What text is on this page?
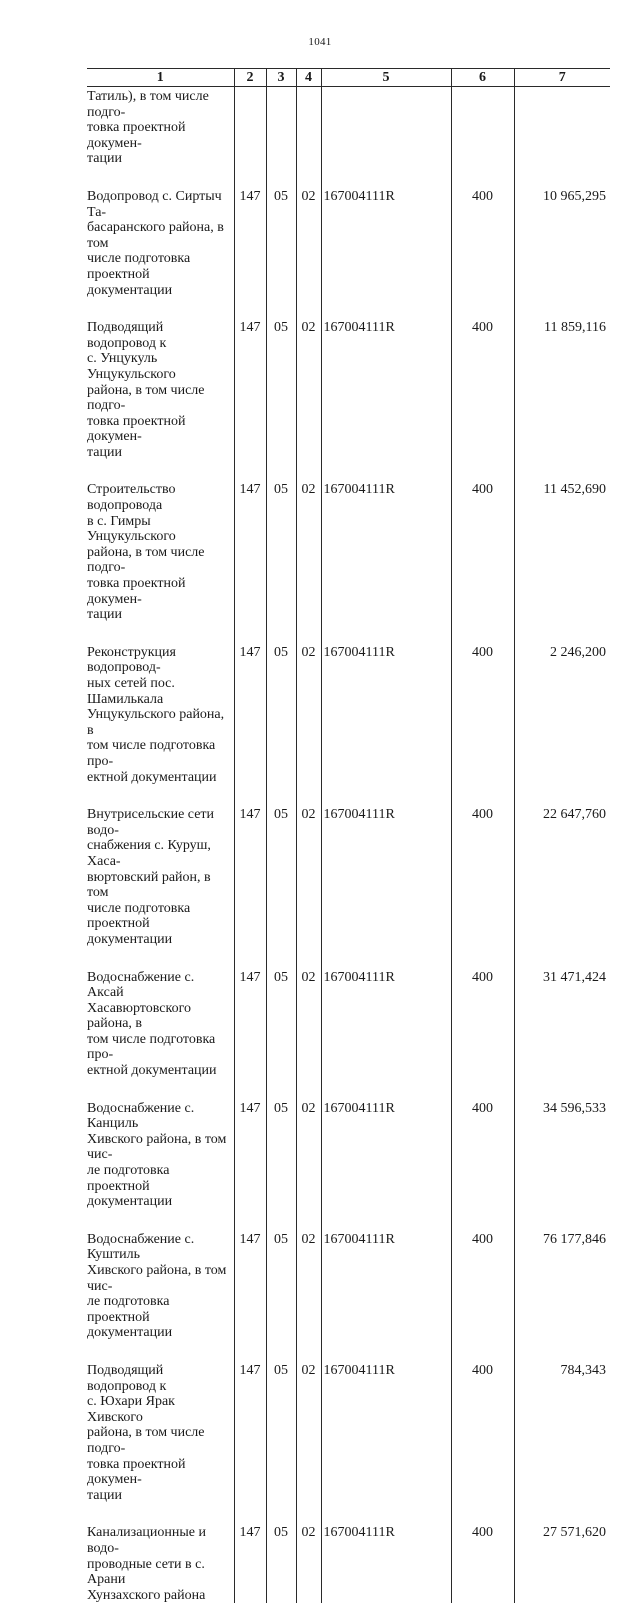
1041
1	2	3	4	5	6	7
Татиль), в том числе подго-
товка проектной докумен-
тации						
Водопровод с. Сиртыч Та-
басаранского района, в том
числе подготовка проектной
документации	147	05	02	167004111R	400	10 965,295
Подводящий водопровод к
с. Унцукуль Унцукульского
района, в том числе подго-
товка проектной докумен-
тации	147	05	02	167004111R	400	11 859,116
Строительство водопровода
в с. Гимры Унцукульского
района, в том числе подго-
товка проектной докумен-
тации	147	05	02	167004111R	400	11 452,690
Реконструкция водопровод-
ных сетей пос. Шамилькала
Унцукульского района, в
том числе подготовка про-
ектной документации	147	05	02	167004111R	400	2 246,200
Внутрисельские сети водо-
снабжения с. Куруш, Хаса-
вюртовский район, в том
числе подготовка проектной
документации	147	05	02	167004111R	400	22 647,760
Водоснабжение с. Аксай
Хасавюртовского района, в
том числе подготовка про-
ектной документации	147	05	02	167004111R	400	31 471,424
Водоснабжение с. Канциль
Хивского района, в том чис-
ле подготовка проектной
документации	147	05	02	167004111R	400	34 596,533
Водоснабжение с. Куштиль
Хивского района, в том чис-
ле подготовка проектной
документации	147	05	02	167004111R	400	76 177,846
Подводящий водопровод к
с. Юхари Ярак Хивского
района, в том числе подго-
товка проектной докумен-
тации	147	05	02	167004111R	400	784,343
Канализационные и водо-
проводные сети в с. Арани
Хунзахского района	147	05	02	167004111R	400	27 571,620
